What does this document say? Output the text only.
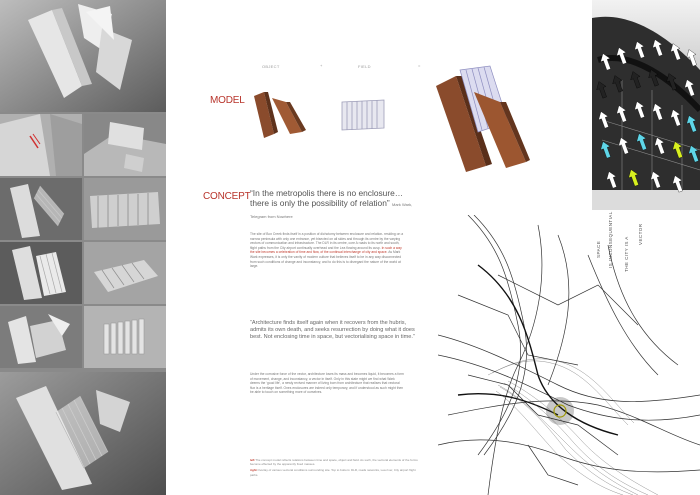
OBJECT	+	FIELD	=
MODEL
CONCEPT “In the metropolis there is no enclosure… there is only the possibility of relation” Mark Wark, Telegram from Nowhere
The site of Box Creek finds itself in a position of dichotomy between enclosure and relation- residing on a narrow peninsula with only one entrance, yet bisected on all sides and through its centre by the varying vectors of communication and infrastructure. The DLR in its centre, core A roads to its north and south, flight paths from the City airport continually overhead and the Lea flowing around its cusp. In such a way the site becomes a celebration of time and flow, of the continual interchange of city and space. As Mark Wark expresses, it is only the vanity of modern culture that believes itself to be in any way disconnected from such conditions of change and inconstancy, and to do this is to disregard the nature of the world at large.
“Architecture finds itself again when it recovers from the hubris, admits its own death, and seeks resurrection by doing what it does best. Not enclosing time in space, but vectorialising space in time.”
Under the corrosive force of the vector, architecture loses its mass and becomes liquid, it becomes a form of movement, change, and inconstancy, a vector in itself. Only in this state might we find what Wark deems the ‘good life’, a newly revived manner of living born from architecture that realises that vectoral flux is a heritage itself. Ones enclosures are indeed only temporary, and if understood as such might then be able to touch on something more of ourselves.
left The concept model reflects relations between time and space, object and field. As such, the vectoral elements of the forms become effected by the apparently fixed masses.
right Overlay of various vectoral conditions surrounding site. Top to bottom: DLR, roads networks, Lea river, City airport flight paths.
SPACE IS INCONSEQUENTIAL THE CITY IS A
VECTOR
